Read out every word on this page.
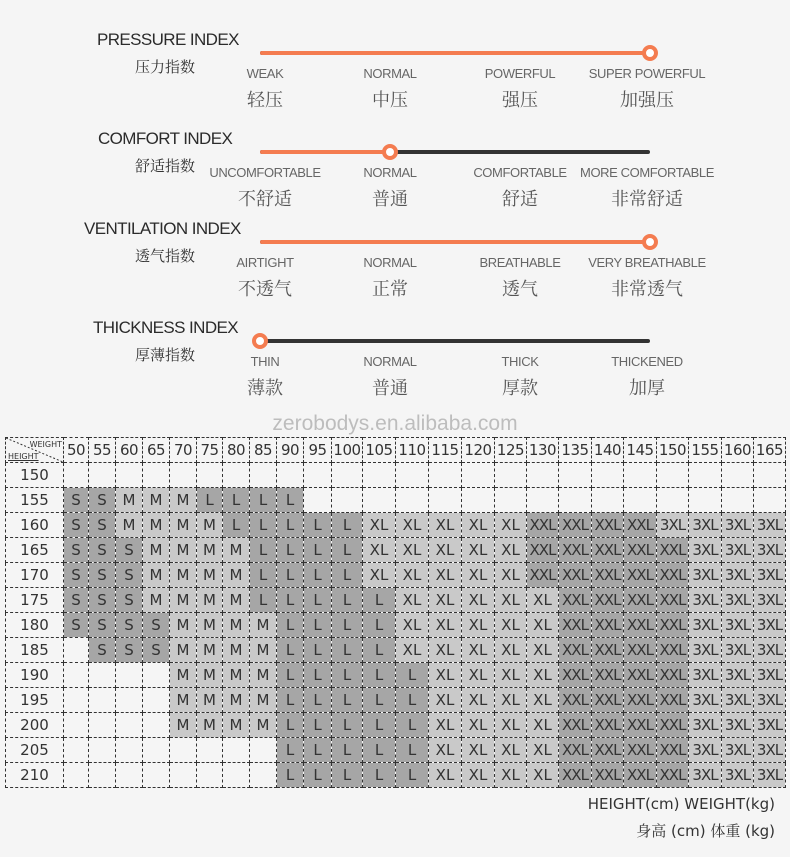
PRESSURE INDEX
压力指数	WEAK
轻压
NORMAL
中压
POWERFUL
强压
SUPER POWERFUL
加强压
COMFORT INDEX
舒适指数	UNCOMFORTABLE
不舒适
NORMAL
普通
COMFORTABLE
舒适
MORE COMFORTABLE
非常舒适
VENTILATION INDEX
透气指数	AIRTIGHT
不透气
NORMAL
正常
BREATHABLE
透气
VERY BREATHABLE
非常透气
THICKNESS INDEX
厚薄指数	THIN
薄款
NORMAL
普通
THICK
厚款
THICKENED
加厚
zerobodys.en.alibaba.com
WEIGHT
HEIGHT	50	55	60	65	70	75	80	85	90	95	100	105	110	115	120	125	130	135	140	145	150	155	160	165
150																								
155	S	S	M	M	M	L	L	L	L															
160	S	S	M	M	M	M	L	L	L	L	L	XL	XL	XL	XL	XL	XXL	XXL	XXL	XXL	3XL	3XL	3XL	3XL
165	S	S	S	M	M	M	M	L	L	L	L	XL	XL	XL	XL	XL	XXL	XXL	XXL	XXL	XXL	3XL	3XL	3XL
170	S	S	S	M	M	M	M	L	L	L	L	XL	XL	XL	XL	XL	XXL	XXL	XXL	XXL	XXL	3XL	3XL	3XL
175	S	S	S	M	M	M	M	L	L	L	L	L	XL	XL	XL	XL	XL	XXL	XXL	XXL	XXL	3XL	3XL	3XL
180	S	S	S	S	M	M	M	M	L	L	L	L	XL	XL	XL	XL	XL	XXL	XXL	XXL	XXL	3XL	3XL	3XL
185		S	S	S	M	M	M	M	L	L	L	L	XL	XL	XL	XL	XL	XXL	XXL	XXL	XXL	3XL	3XL	3XL
190					M	M	M	M	L	L	L	L	L	XL	XL	XL	XL	XXL	XXL	XXL	XXL	3XL	3XL	3XL
195					M	M	M	M	L	L	L	L	L	XL	XL	XL	XL	XXL	XXL	XXL	XXL	3XL	3XL	3XL
200					M	M	M	M	L	L	L	L	L	XL	XL	XL	XL	XXL	XXL	XXL	XXL	3XL	3XL	3XL
205									L	L	L	L	L	XL	XL	XL	XL	XXL	XXL	XXL	XXL	3XL	3XL	3XL
210									L	L	L	L	L	XL	XL	XL	XL	XXL	XXL	XXL	XXL	3XL	3XL	3XL
HEIGHT(cm) WEIGHT(kg)
身高 (cm) 体重 (kg)
